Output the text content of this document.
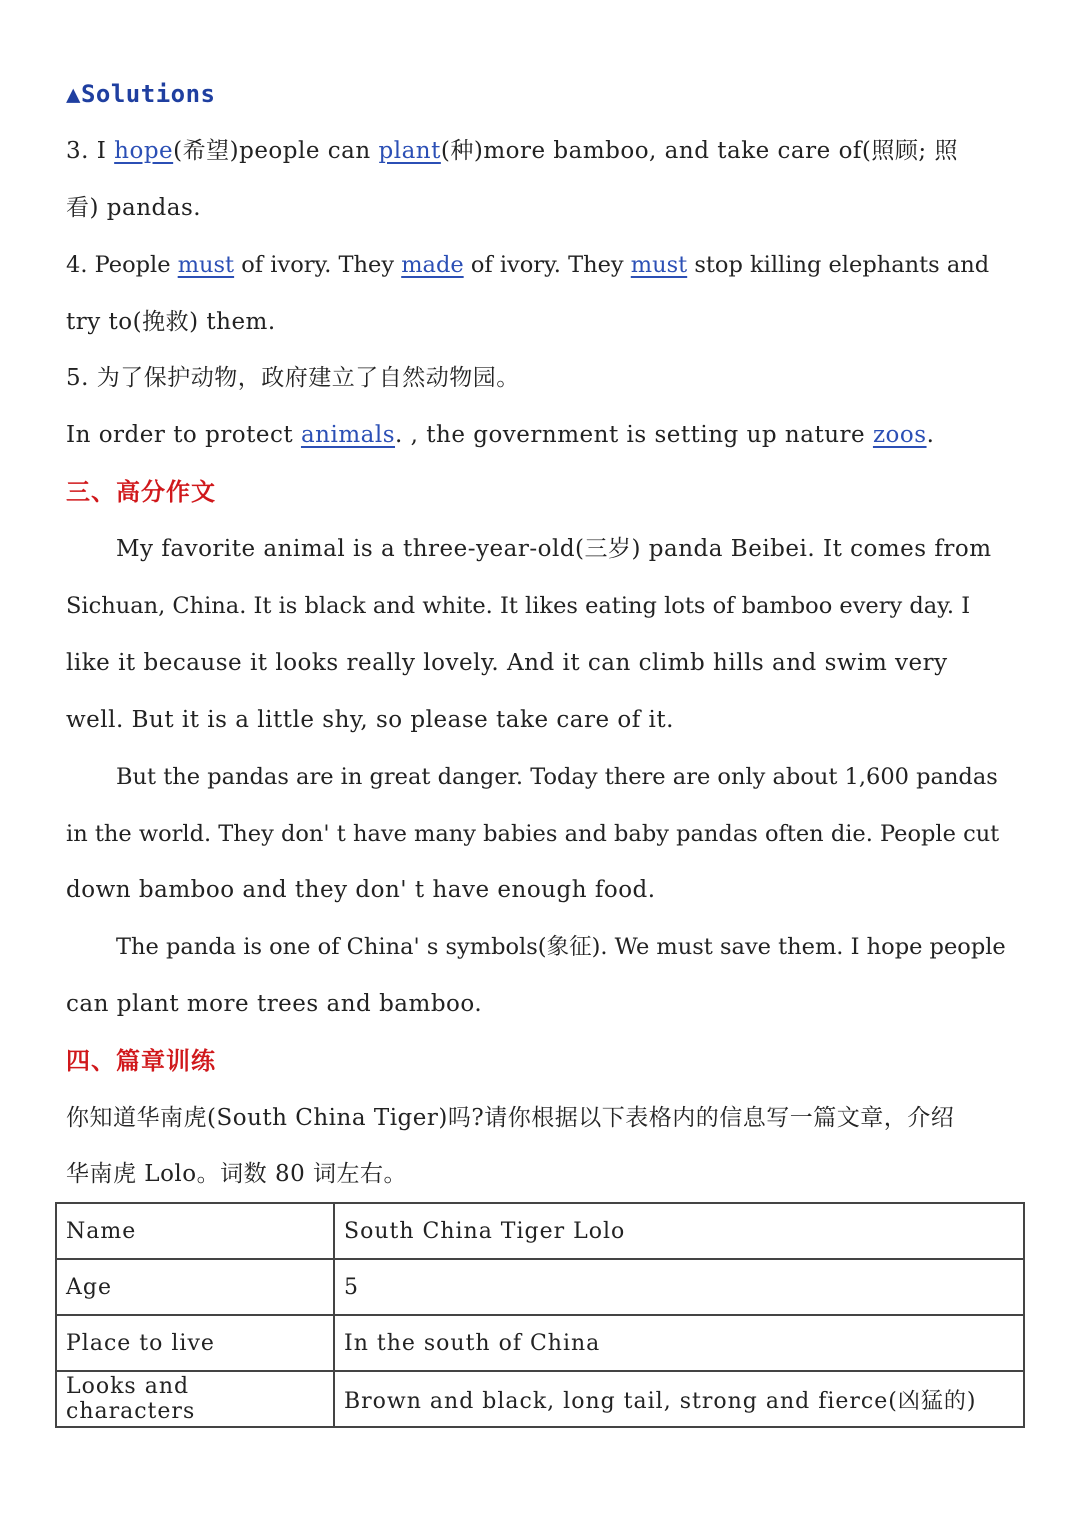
▲Solutions
3. I hope(希望)people can plant(种)more bamboo, and take care of(照顾; 照
看) pandas.
4. People must of ivory. They made of ivory. They must stop killing elephants and
try to(挽救) them.
5. 为了保护动物，政府建立了自然动物园。
In order to protect animals. , the government is setting up nature zoos.
三、高分作文
My favorite animal is a three-year-old(三岁) panda Beibei. It comes from
Sichuan, China. It is black and white. It likes eating lots of bamboo every day. I
like it because it looks really lovely. And it can climb hills and swim very
well. But it is a little shy, so please take care of it.
But the pandas are in great danger. Today there are only about 1,600 pandas
in the world. They don' t have many babies and baby pandas often die. People cut
down bamboo and they don' t have enough food.
The panda is one of China' s symbols(象征). We must save them. I hope people
can plant more trees and bamboo.
四、篇章训练
你知道华南虎(South China Tiger)吗?请你根据以下表格内的信息写一篇文章，介绍
华南虎 Lolo。词数 80 词左右。
Name	South China Tiger Lolo
Age	5
Place to live	In the south of China
Looks and characters	Brown and black, long tail, strong and fierce(凶猛的)
